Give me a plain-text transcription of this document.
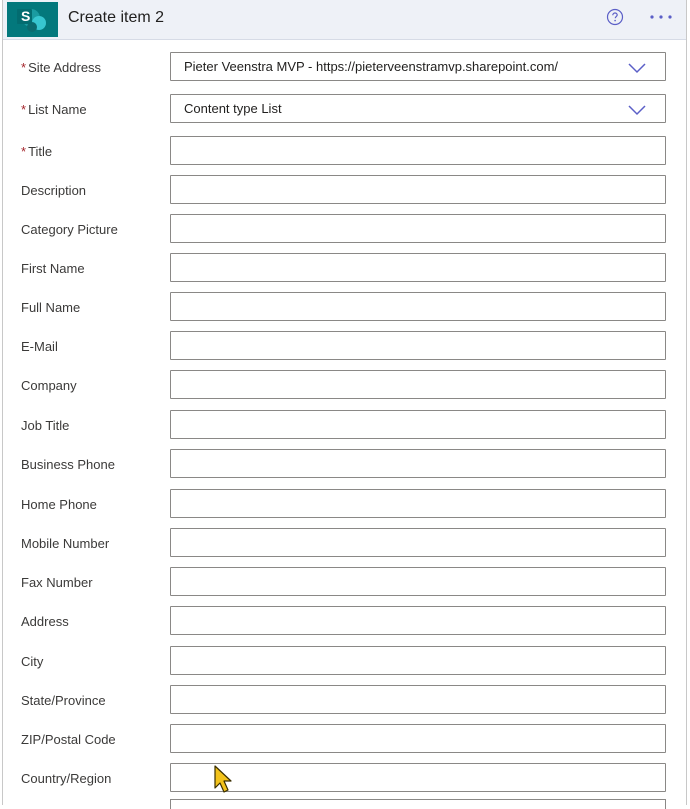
S Create item 2
* Site Address	Pieter Veenstra MVP - https://pieterveenstramvp.sharepoint.com/
* List Name	Content type List
* Title
Description
Category Picture
First Name
Full Name
E-Mail
Company
Job Title
Business Phone
Home Phone
Mobile Number
Fax Number
Address
City
State/Province
ZIP/Postal Code
Country/Region
